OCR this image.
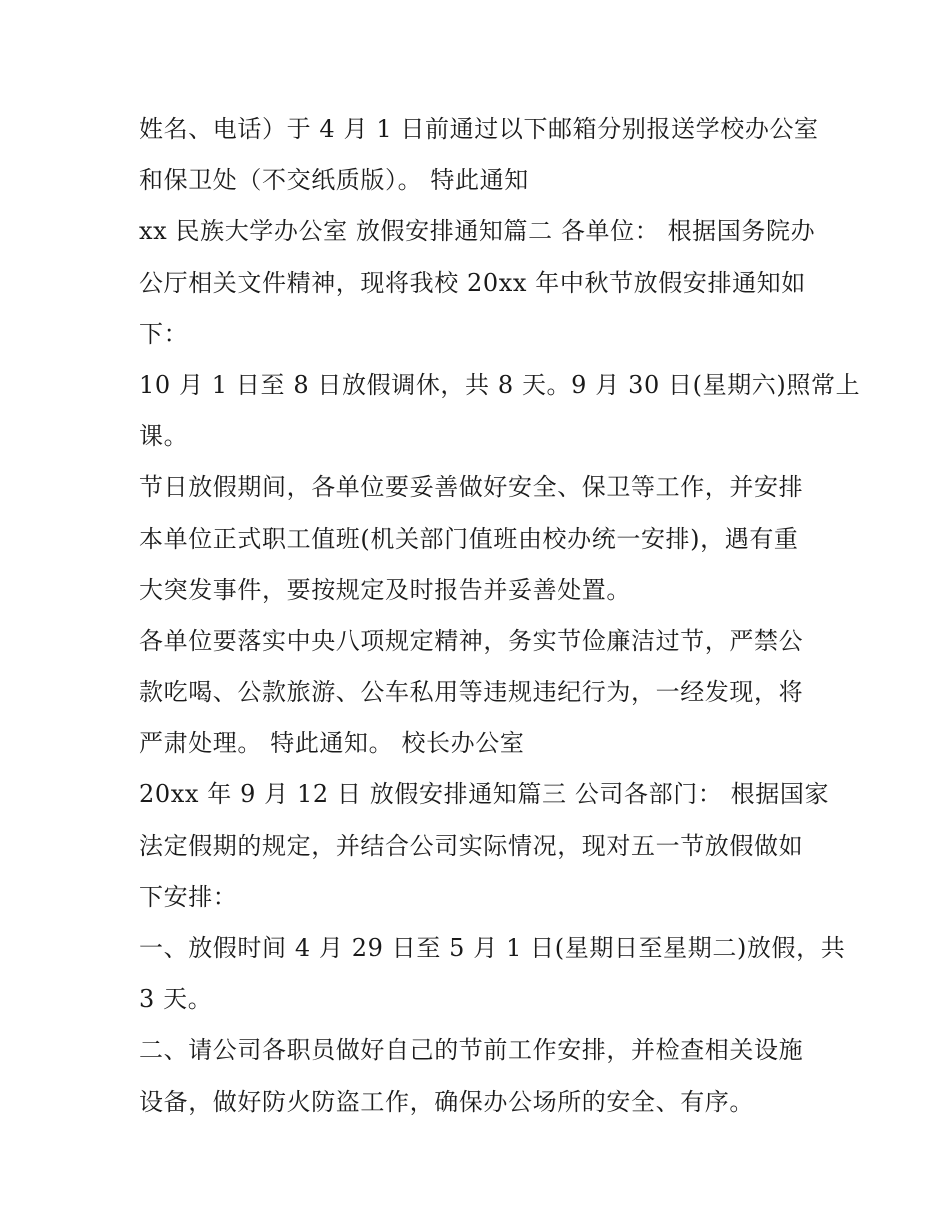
姓名、电话）于 4 月 1 日前通过以下邮箱分别报送学校办公室
和保卫处（不交纸质版）。 特此通知
xx 民族大学办公室 放假安排通知篇二 各单位： 根据国务院办
公厅相关文件精神，现将我校 20xx 年中秋节放假安排通知如
下：
10 月 1 日至 8 日放假调休，共 8 天。9 月 30 日(星期六)照常上
课。
节日放假期间，各单位要妥善做好安全、保卫等工作，并安排
本单位正式职工值班(机关部门值班由校办统一安排)，遇有重
大突发事件，要按规定及时报告并妥善处置。
各单位要落实中央八项规定精神，务实节俭廉洁过节，严禁公
款吃喝、公款旅游、公车私用等违规违纪行为，一经发现，将
严肃处理。 特此通知。 校长办公室
20xx 年 9 月 12 日 放假安排通知篇三 公司各部门： 根据国家
法定假期的规定，并结合公司实际情况，现对五一节放假做如
下安排：
一、放假时间 4 月 29 日至 5 月 1 日(星期日至星期二)放假，共
3 天。
二、请公司各职员做好自己的节前工作安排，并检查相关设施
设备，做好防火防盗工作，确保办公场所的安全、有序。
